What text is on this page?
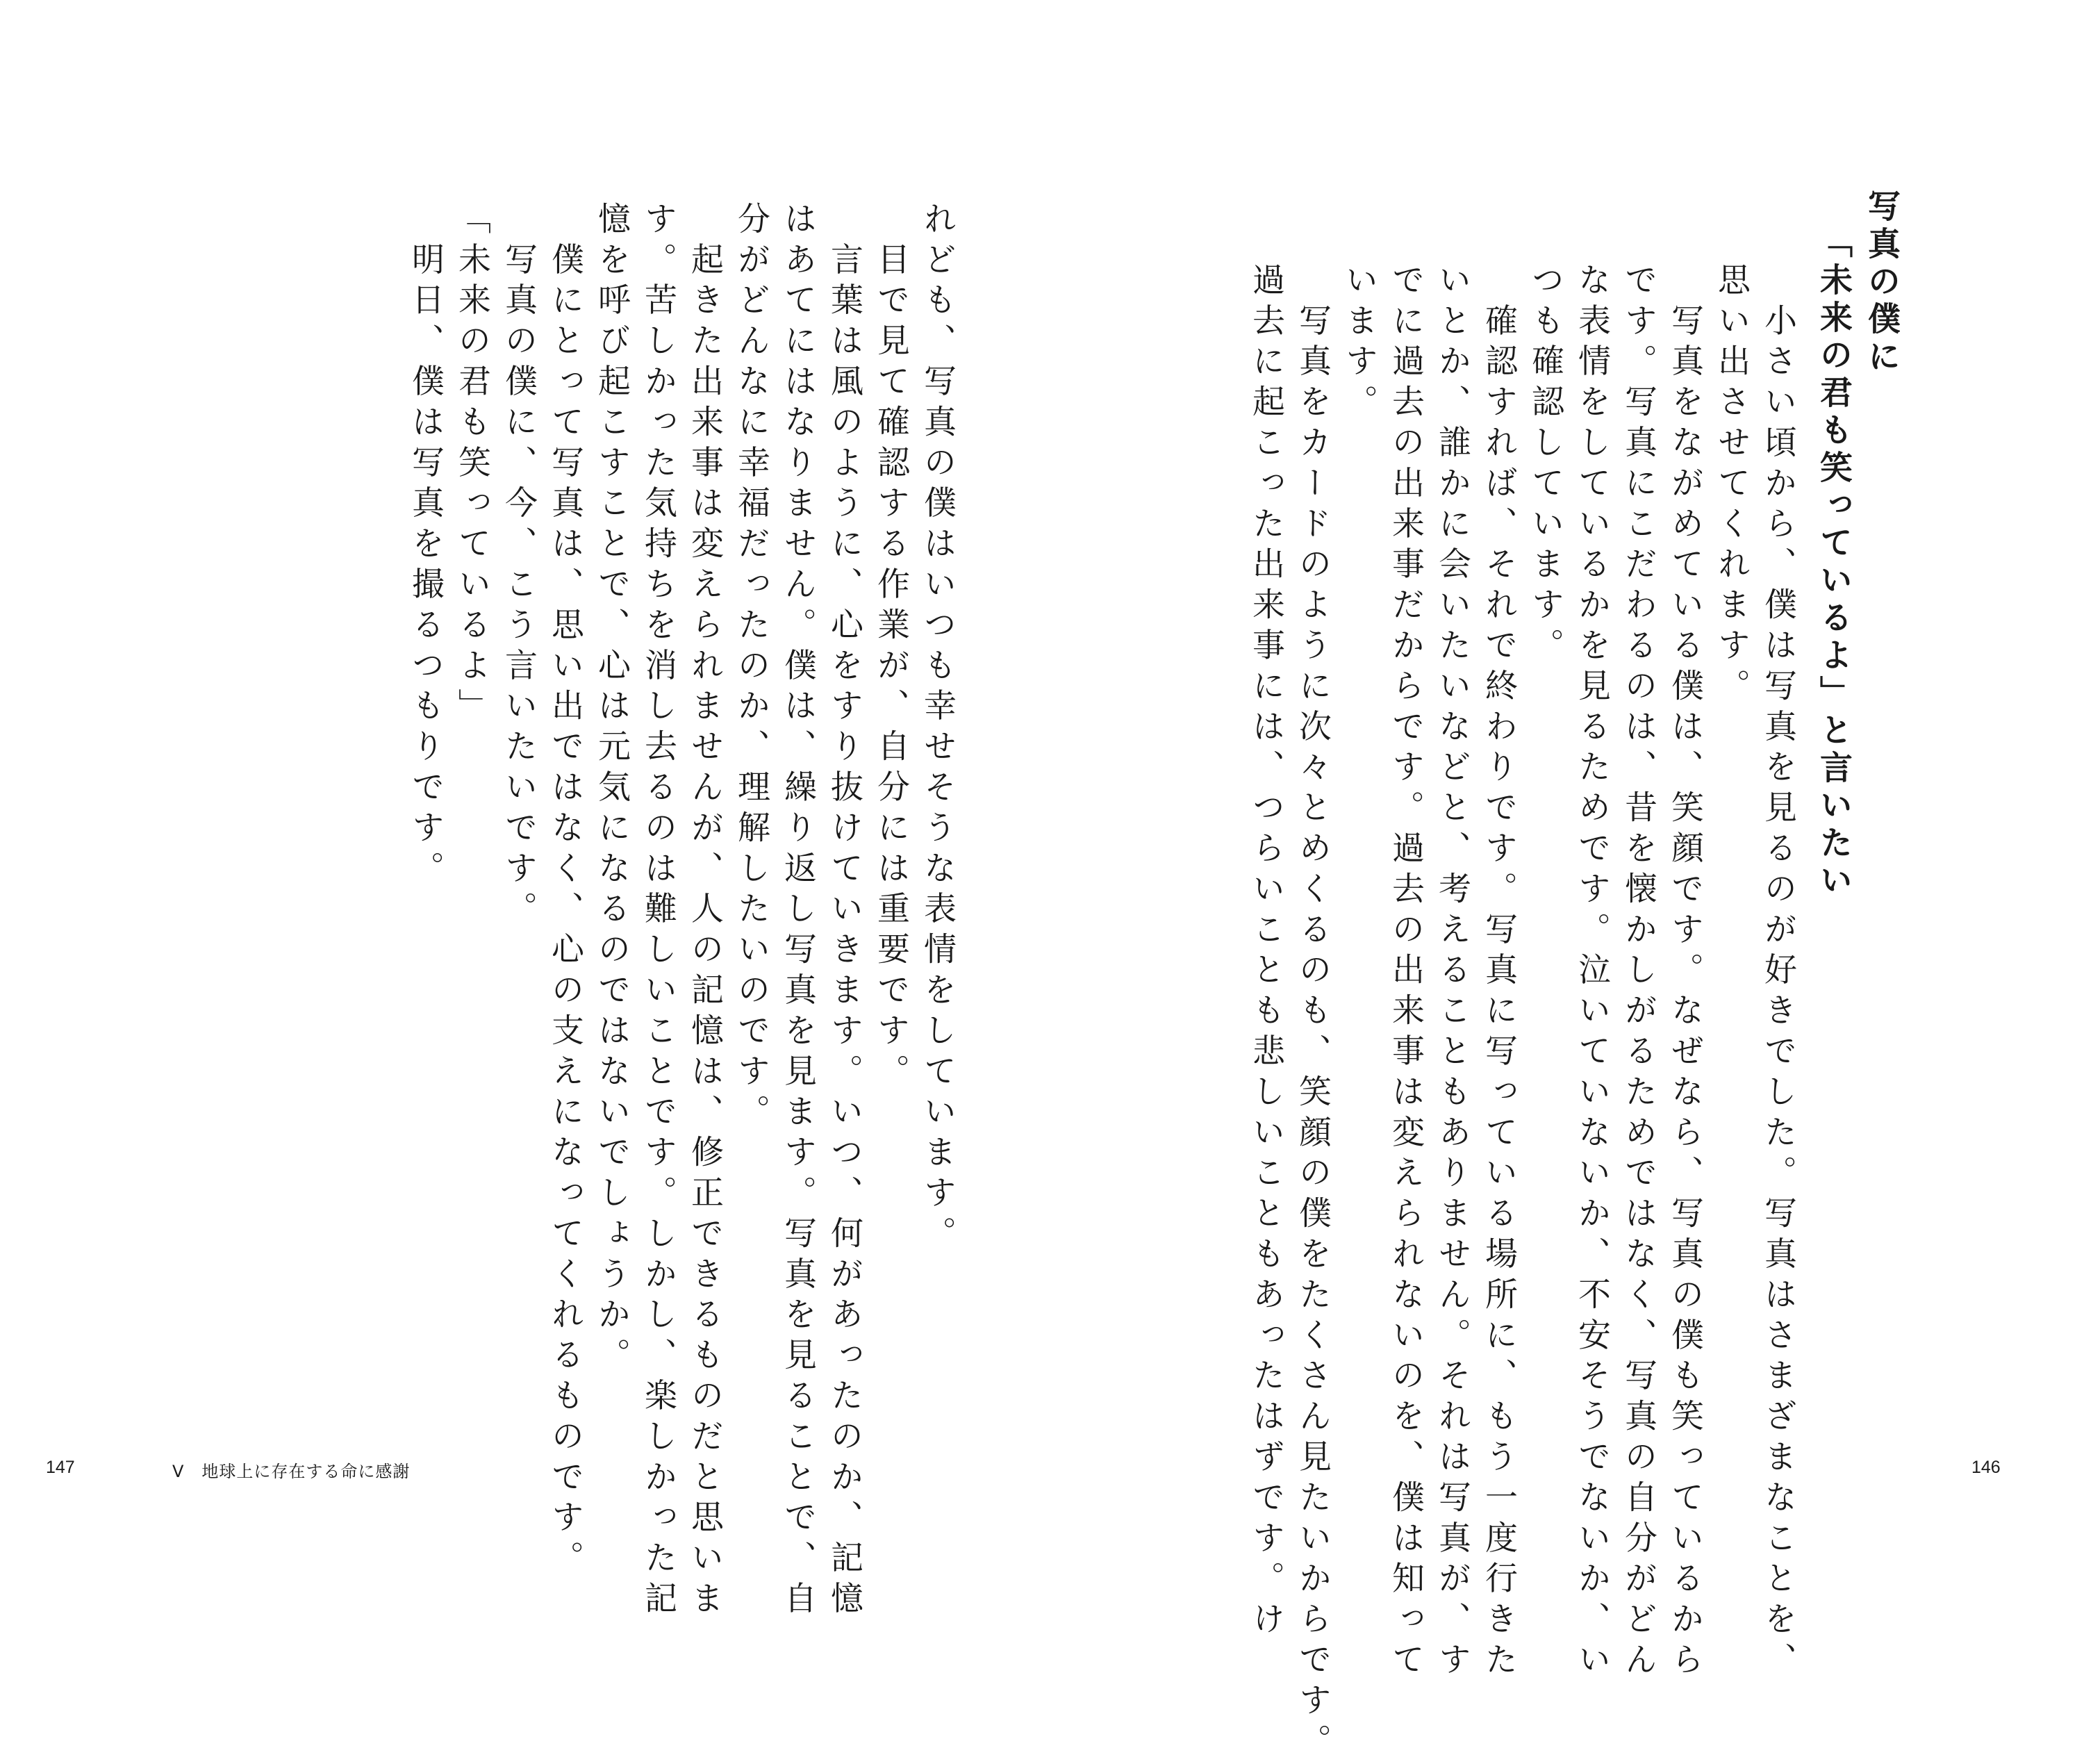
写真の僕に
「未来の君も笑っているよ」と言いたい
　小さい頃から、僕は写真を見るのが好きでした。写真はさまざまなことを、
思い出させてくれます。
　写真をながめている僕は、笑顔です。なぜなら、写真の僕も笑っているから
です。写真にこだわるのは、昔を懐かしがるためではなく、写真の自分がどん
な表情をしているかを見るためです。泣いていないか、不安そうでないか、い
つも確認しています。
　確認すれば、それで終わりです。写真に写っている場所に、もう一度行きた
いとか、誰かに会いたいなどと、考えることもありません。それは写真が、す
でに過去の出来事だからです。過去の出来事は変えられないのを、僕は知って
います。
　写真をカードのように次々とめくるのも、笑顔の僕をたくさん見たいからです。
過去に起こった出来事には、つらいことも悲しいこともあったはずです。け	146
れども、写真の僕はいつも幸せそうな表情をしています。
　目で見て確認する作業が、自分には重要です。
　言葉は風のように、心をすり抜けていきます。いつ、何があったのか、記憶
はあてにはなりません。僕は、繰り返し写真を見ます。写真を見ることで、自
分がどんなに幸福だったのか、理解したいのです。
　起きた出来事は変えられませんが、人の記憶は、修正できるものだと思いま
す。苦しかった気持ちを消し去るのは難しいことです。しかし、楽しかった記
憶を呼び起こすことで、心は元気になるのではないでしょうか。
　僕にとって写真は、思い出ではなく、心の支えになってくれるものです。
　写真の僕に、今、こう言いたいです。
「未来の君も笑っているよ」
　明日、僕は写真を撮るつもりです。
147	Ⅴ　地球上に存在する命に感謝
